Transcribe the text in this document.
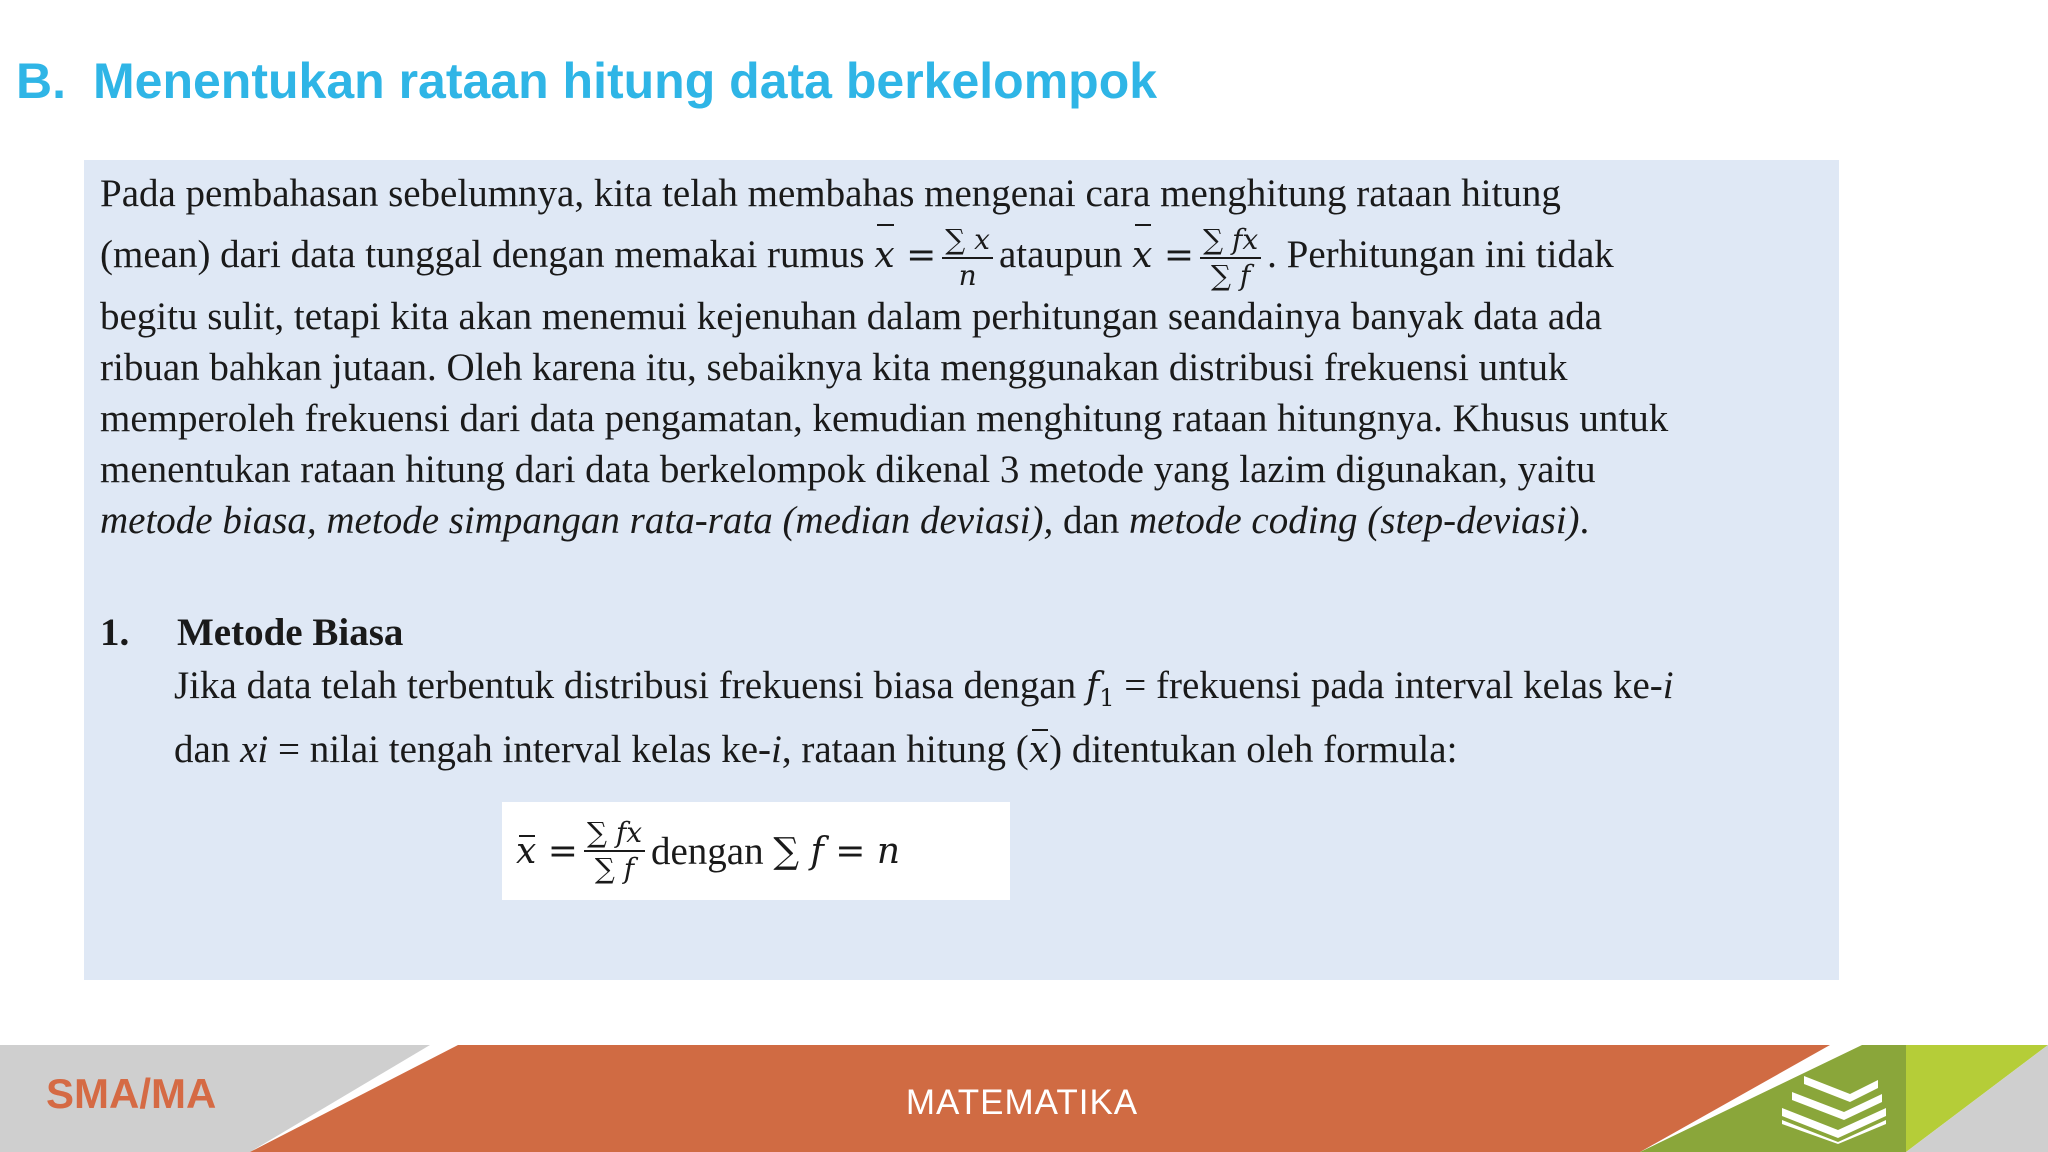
B. Menentukan rataan hitung data berkelompok
Pada pembahasan sebelumnya, kita telah membahas mengenai cara menghitung rataan hitung
(mean) dari data tunggal dengan memakai rumus $x = \frac{\sum x}{n}$ ataupun $x = \frac{\sum fx}{\sum f}$ . Perhitungan ini tidak
begitu sulit, tetapi kita akan menemui kejenuhan dalam perhitungan seandainya banyak data ada
ribuan bahkan jutaan. Oleh karena itu, sebaiknya kita menggunakan distribusi frekuensi untuk
memperoleh frekuensi dari data pengamatan, kemudian menghitung rataan hitungnya. Khusus untuk
menentukan rataan hitung dari data berkelompok dikenal 3 metode yang lazim digunakan, yaitu
metode biasa, metode simpangan rata-rata (median deviasi), dan metode coding (step-deviasi).
1. Metode Biasa
Jika data telah terbentuk distribusi frekuensi biasa dengan $f_1$ = frekuensi pada interval kelas ke-i
dan xi = nilai tengah interval kelas ke-i, rataan hitung (x) ditentukan oleh formula:
$x = \frac{\sum fx}{\sum f}$ dengan
∑ f = n
SMA/MA	MATEMATIKA
